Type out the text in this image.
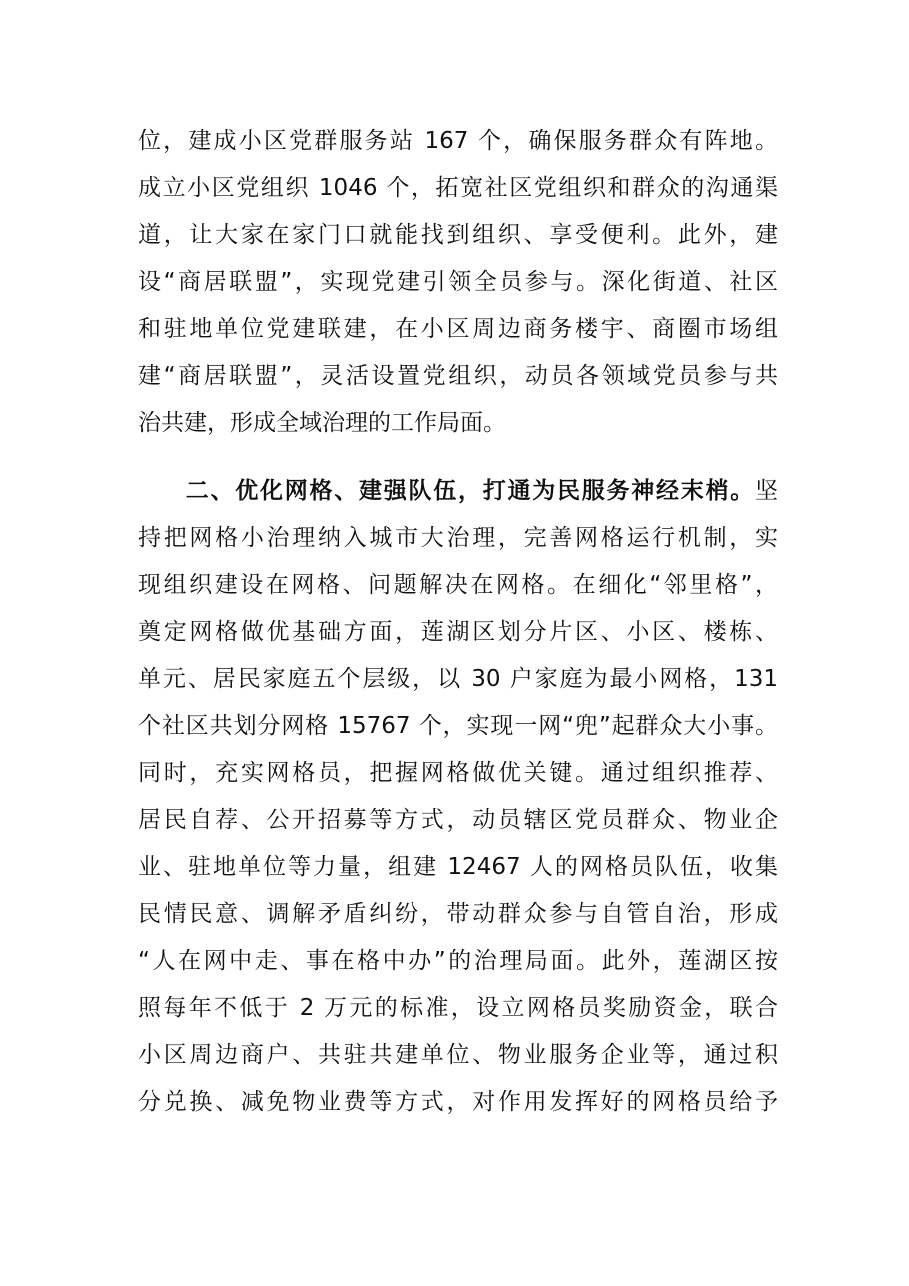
位，建成小区党群服务站 167 个，确保服务群众有阵地。
成立小区党组织 1046 个，拓宽社区党组织和群众的沟通渠
道，让大家在家门口就能找到组织、享受便利。此外，建
设“商居联盟”，实现党建引领全员参与。深化街道、社区
和驻地单位党建联建，在小区周边商务楼宇、商圈市场组
建“商居联盟”，灵活设置党组织，动员各领域党员参与共
治共建，形成全域治理的工作局面。
二、优化网格、建强队伍，打通为民服务神经末梢。坚
持把网格小治理纳入城市大治理，完善网格运行机制，实
现组织建设在网格、问题解决在网格。在细化“邻里格”，
奠定网格做优基础方面，莲湖区划分片区、小区、楼栋、
单元、居民家庭五个层级，以 30 户家庭为最小网格，131
个社区共划分网格 15767 个，实现一网“兜”起群众大小事。
同时，充实网格员，把握网格做优关键。通过组织推荐、
居民自荐、公开招募等方式，动员辖区党员群众、物业企
业、驻地单位等力量，组建 12467 人的网格员队伍，收集
民情民意、调解矛盾纠纷，带动群众参与自管自治，形成
“人在网中走、事在格中办”的治理局面。此外，莲湖区按
照每年不低于 2 万元的标准，设立网格员奖励资金，联合
小区周边商户、共驻共建单位、物业服务企业等，通过积
分兑换、减免物业费等方式，对作用发挥好的网格员给予
